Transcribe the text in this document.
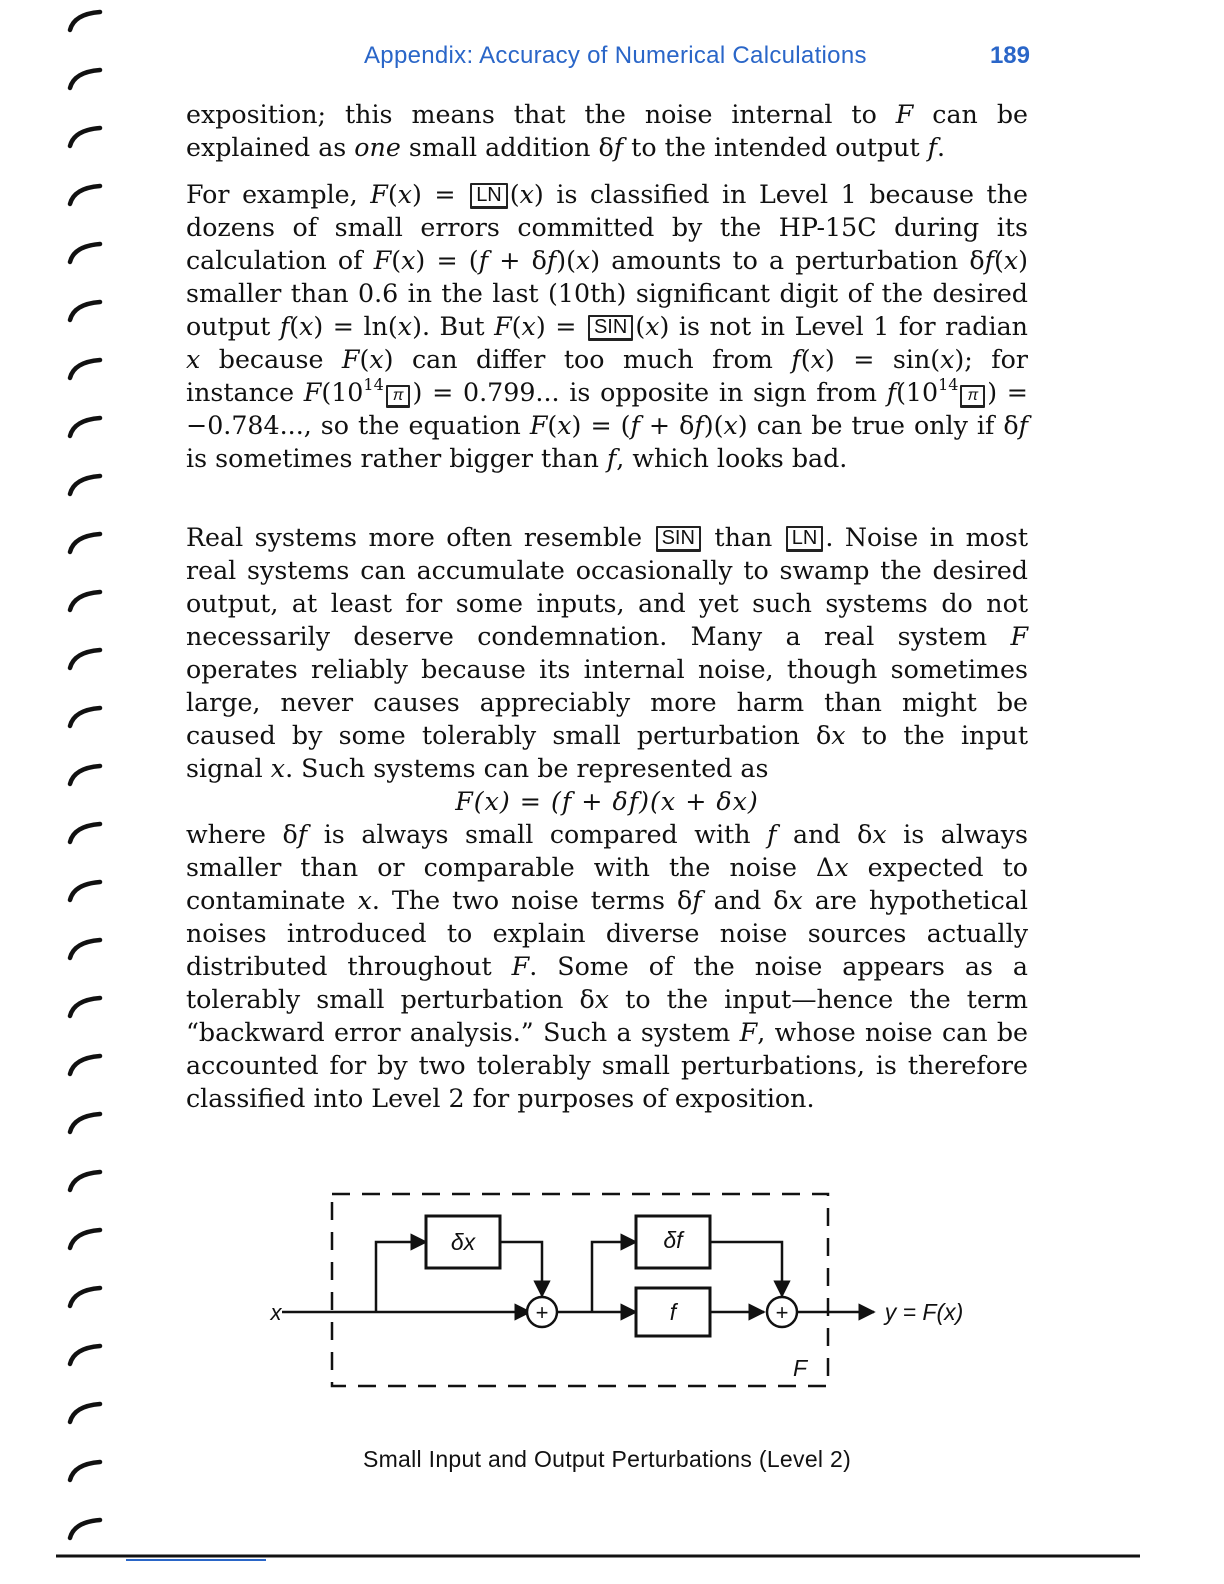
Appendix: Accuracy of Numerical Calculations	189

exposition; this means that the noise internal to F can be explained as one small addition δf to the intended output f.

For example, F(x) = LN (x) is classified in Level 1 because the dozens of small errors committed by the HP-15C during its calculation of F(x) = (f + δf)(x) amounts to a perturbation δf(x) smaller than 0.6 in the last (10th) significant digit of the desired output f(x) = ln(x). But F(x) = SIN (x) is not in Level 1 for radian x because F(x) can differ too much from f(x) = sin(x); for instance $F(10^{14}\pi$ ) = 0.799... is opposite in sign from $f(10^{14}\pi$ ) = −0.784..., so the equation F(x) = (f + δf)(x) can be true only if δf is sometimes rather bigger than f, which looks bad.

Real systems more often resemble SIN than LN . Noise in most real systems can accumulate occasionally to swamp the desired output, at least for some inputs, and yet such systems do not necessarily deserve condemnation. Many a real system F operates reliably because its internal noise, though sometimes large, never causes appreciably more harm than might be caused by some tolerably small perturbation δx to the input signal x. Such systems can be represented as

F(x) = (f + δf)(x + δx)

where δf is always small compared with f and δx is always smaller than or comparable with the noise Δx expected to contaminate x. The two noise terms δf and δx are hypothetical noises introduced to explain diverse noise sources actually distributed throughout F. Some of the noise appears as a tolerably small perturbation δx to the input—hence the term “backward error analysis.” Such a system F, whose noise can be accounted for by two tolerably small perturbations, is therefore classified into Level 2 for purposes of exposition.

x
δx	δf
f
+	+	y = F(x)
F
Small Input and Output Perturbations (Level 2)
